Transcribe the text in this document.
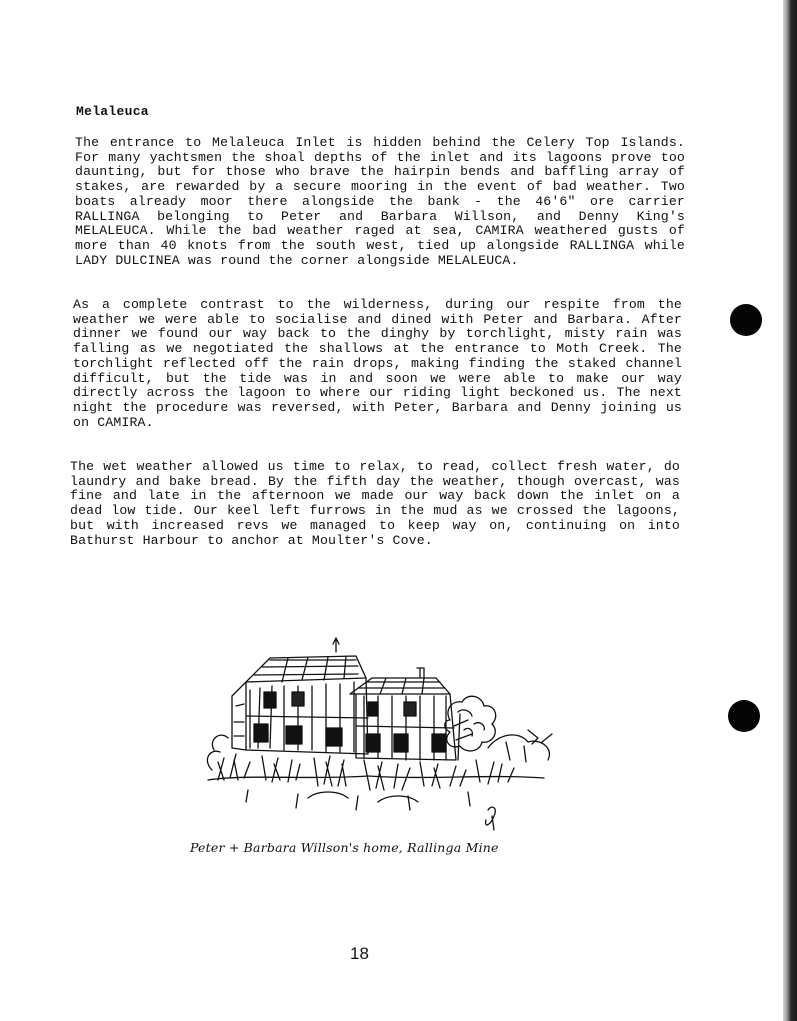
Melaleuca

The entrance to Melaleuca Inlet is hidden behind the Celery Top Islands. For many yachtsmen the shoal depths of the inlet and its lagoons prove too daunting, but for those who brave the hairpin bends and baffling array of stakes, are rewarded by a secure mooring in the event of bad weather. Two boats already moor there alongside the bank - the 46'6" ore carrier RALLINGA belonging to Peter and Barbara Willson, and Denny King's MELALEUCA. While the bad weather raged at sea, CAMIRA weathered gusts of more than 40 knots from the south west, tied up alongside RALLINGA while LADY DULCINEA was round the corner alongside MELALEUCA.

As a complete contrast to the wilderness, during our respite from the weather we were able to socialise and dined with Peter and Barbara. After dinner we found our way back to the dinghy by torchlight, misty rain was falling as we negotiated the shallows at the entrance to Moth Creek. The torchlight reflected off the rain drops, making finding the staked channel difficult, but the tide was in and soon we were able to make our way directly across the lagoon to where our riding light beckoned us. The next night the procedure was reversed, with Peter, Barbara and Denny joining us on CAMIRA.

The wet weather allowed us time to relax, to read, collect fresh water, do laundry and bake bread. By the fifth day the weather, though overcast, was fine and late in the afternoon we made our way back down the inlet on a dead low tide. Our keel left furrows in the mud as we crossed the lagoons, but with increased revs we managed to keep way on, continuing on into Bathurst Harbour to anchor at Moulter's Cove.

Peter + Barbara Willson's home, Rallinga Mine
18
